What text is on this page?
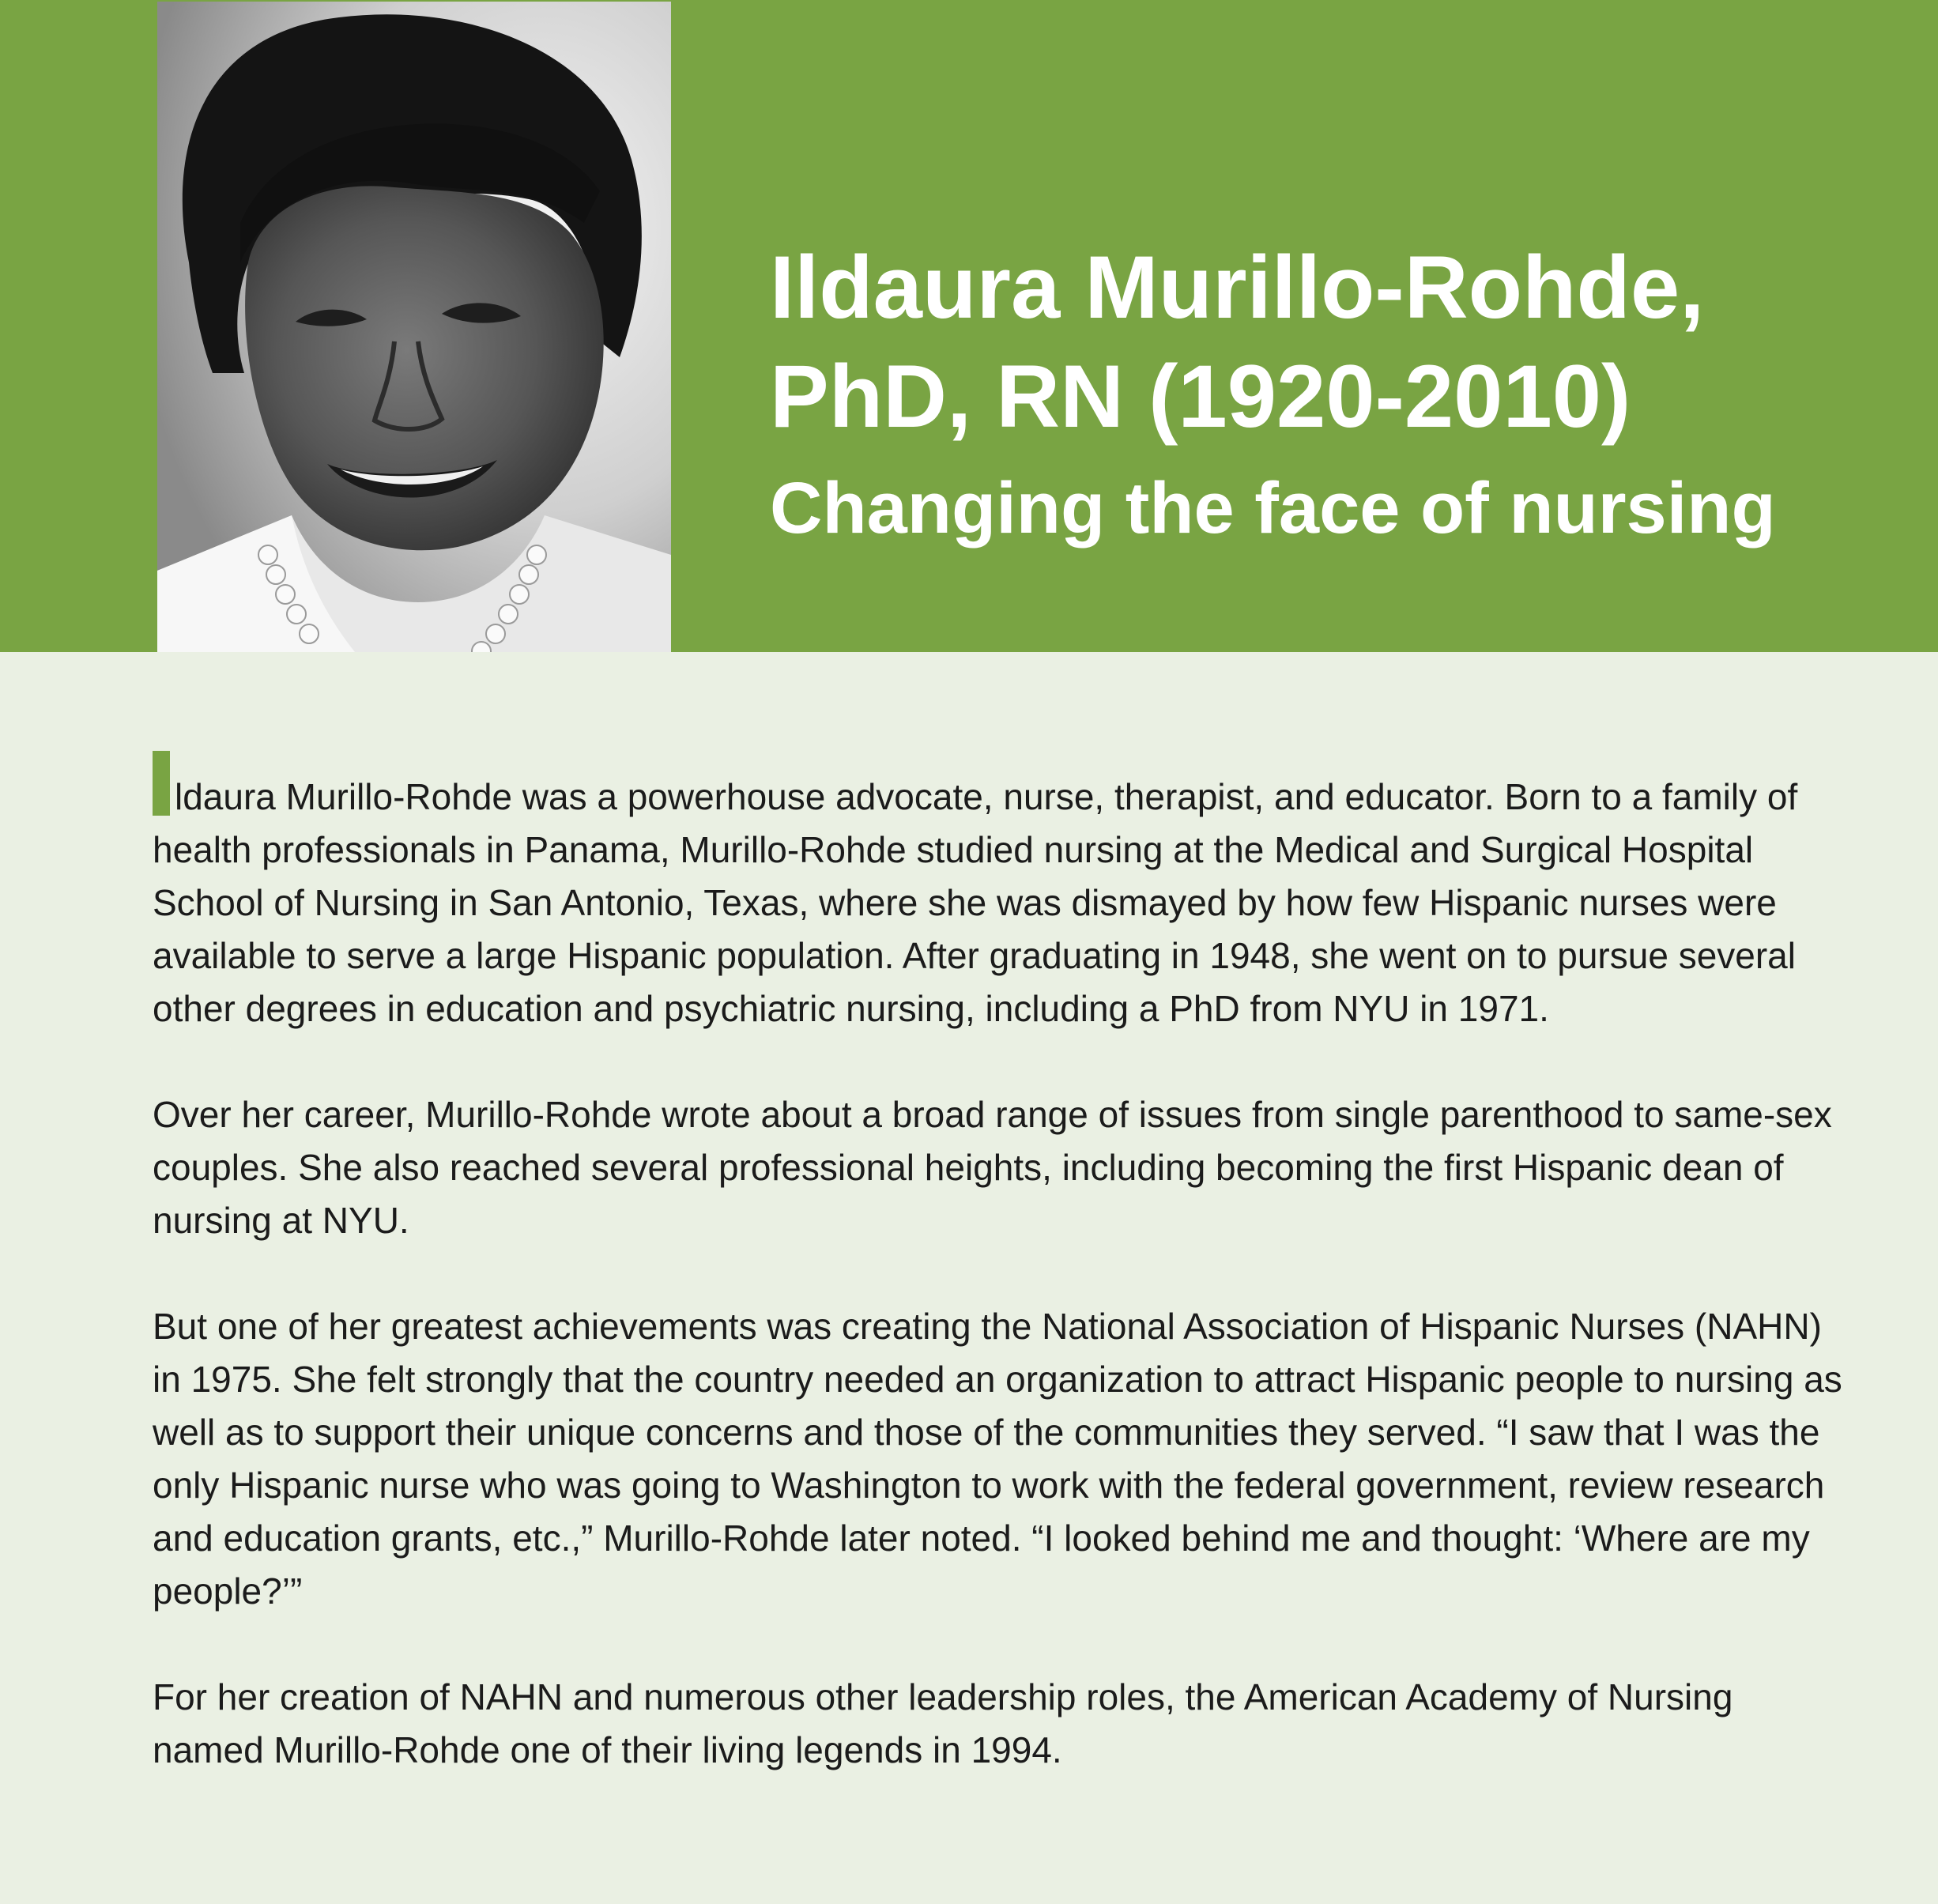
Ildaura Murillo-Rohde,
PhD, RN (1920-2010)
Changing the face of nursing

ldaura Murillo-Rohde was a powerhouse advocate, nurse, therapist, and educator. Born to a family of health professionals in Panama, Murillo-Rohde studied nursing at the Medical and Surgical Hospital School of Nursing in San Antonio, Texas, where she was dismayed by how few Hispanic nurses were available to serve a large Hispanic population. After graduating in 1948, she went on to pursue several other degrees in education and psychiatric nursing, including a PhD from NYU in 1971.

Over her career, Murillo-Rohde wrote about a broad range of issues from single parenthood to same-sex couples. She also reached several professional heights, including becoming the first Hispanic dean of nursing at NYU.

But one of her greatest achievements was creating the National Association of Hispanic Nurses (NAHN) in 1975. She felt strongly that the country needed an organization to attract Hispanic people to nursing as well as to support their unique concerns and those of the communities they served. “I saw that I was the only Hispanic nurse who was going to Washington to work with the federal government, review research and education grants, etc.,” Murillo-Rohde later noted. “I looked behind me and thought: ‘Where are my people?’”

For her creation of NAHN and numerous other leadership roles, the American Academy of Nursing named Murillo-Rohde one of their living legends in 1994.
